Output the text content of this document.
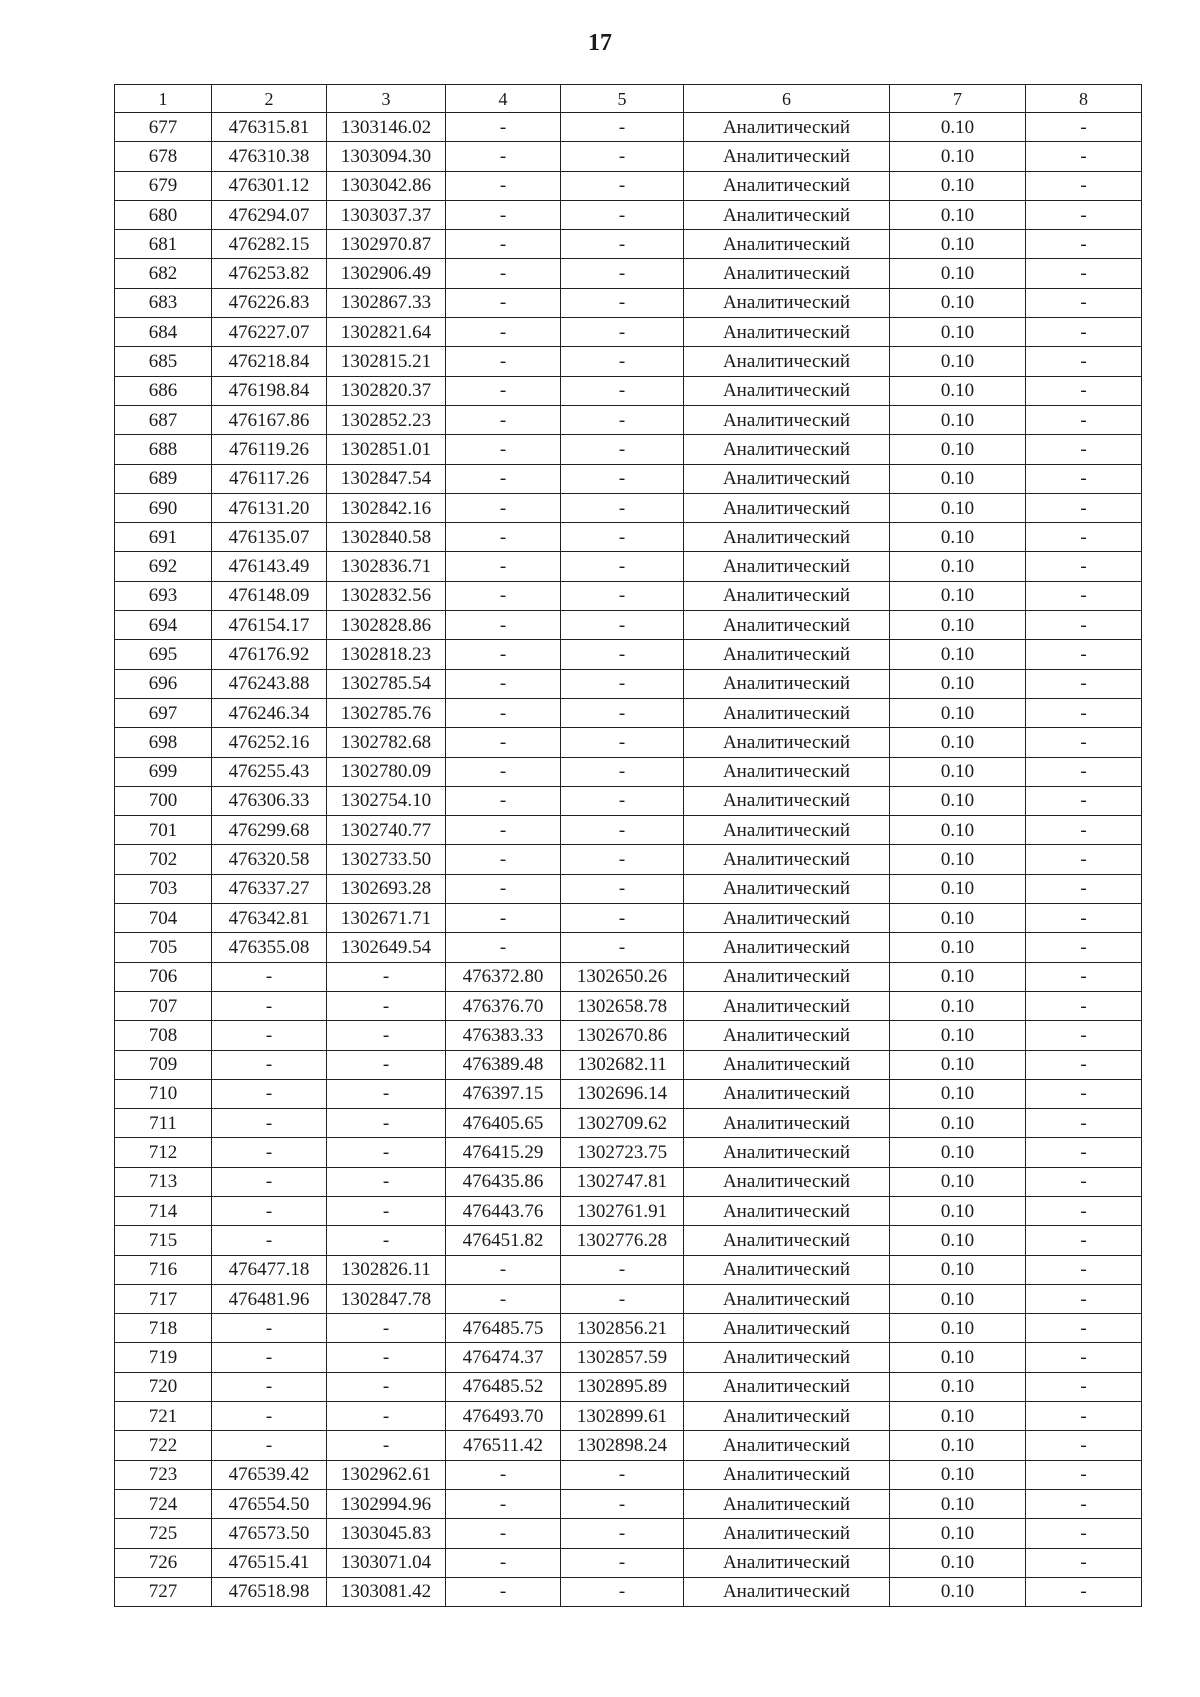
17
1	2	3	4	5	6	7	8
677	476315.81	1303146.02	-	-	Аналитический	0.10	-
678	476310.38	1303094.30	-	-	Аналитический	0.10	-
679	476301.12	1303042.86	-	-	Аналитический	0.10	-
680	476294.07	1303037.37	-	-	Аналитический	0.10	-
681	476282.15	1302970.87	-	-	Аналитический	0.10	-
682	476253.82	1302906.49	-	-	Аналитический	0.10	-
683	476226.83	1302867.33	-	-	Аналитический	0.10	-
684	476227.07	1302821.64	-	-	Аналитический	0.10	-
685	476218.84	1302815.21	-	-	Аналитический	0.10	-
686	476198.84	1302820.37	-	-	Аналитический	0.10	-
687	476167.86	1302852.23	-	-	Аналитический	0.10	-
688	476119.26	1302851.01	-	-	Аналитический	0.10	-
689	476117.26	1302847.54	-	-	Аналитический	0.10	-
690	476131.20	1302842.16	-	-	Аналитический	0.10	-
691	476135.07	1302840.58	-	-	Аналитический	0.10	-
692	476143.49	1302836.71	-	-	Аналитический	0.10	-
693	476148.09	1302832.56	-	-	Аналитический	0.10	-
694	476154.17	1302828.86	-	-	Аналитический	0.10	-
695	476176.92	1302818.23	-	-	Аналитический	0.10	-
696	476243.88	1302785.54	-	-	Аналитический	0.10	-
697	476246.34	1302785.76	-	-	Аналитический	0.10	-
698	476252.16	1302782.68	-	-	Аналитический	0.10	-
699	476255.43	1302780.09	-	-	Аналитический	0.10	-
700	476306.33	1302754.10	-	-	Аналитический	0.10	-
701	476299.68	1302740.77	-	-	Аналитический	0.10	-
702	476320.58	1302733.50	-	-	Аналитический	0.10	-
703	476337.27	1302693.28	-	-	Аналитический	0.10	-
704	476342.81	1302671.71	-	-	Аналитический	0.10	-
705	476355.08	1302649.54	-	-	Аналитический	0.10	-
706	-	-	476372.80	1302650.26	Аналитический	0.10	-
707	-	-	476376.70	1302658.78	Аналитический	0.10	-
708	-	-	476383.33	1302670.86	Аналитический	0.10	-
709	-	-	476389.48	1302682.11	Аналитический	0.10	-
710	-	-	476397.15	1302696.14	Аналитический	0.10	-
711	-	-	476405.65	1302709.62	Аналитический	0.10	-
712	-	-	476415.29	1302723.75	Аналитический	0.10	-
713	-	-	476435.86	1302747.81	Аналитический	0.10	-
714	-	-	476443.76	1302761.91	Аналитический	0.10	-
715	-	-	476451.82	1302776.28	Аналитический	0.10	-
716	476477.18	1302826.11	-	-	Аналитический	0.10	-
717	476481.96	1302847.78	-	-	Аналитический	0.10	-
718	-	-	476485.75	1302856.21	Аналитический	0.10	-
719	-	-	476474.37	1302857.59	Аналитический	0.10	-
720	-	-	476485.52	1302895.89	Аналитический	0.10	-
721	-	-	476493.70	1302899.61	Аналитический	0.10	-
722	-	-	476511.42	1302898.24	Аналитический	0.10	-
723	476539.42	1302962.61	-	-	Аналитический	0.10	-
724	476554.50	1302994.96	-	-	Аналитический	0.10	-
725	476573.50	1303045.83	-	-	Аналитический	0.10	-
726	476515.41	1303071.04	-	-	Аналитический	0.10	-
727	476518.98	1303081.42	-	-	Аналитический	0.10	-
